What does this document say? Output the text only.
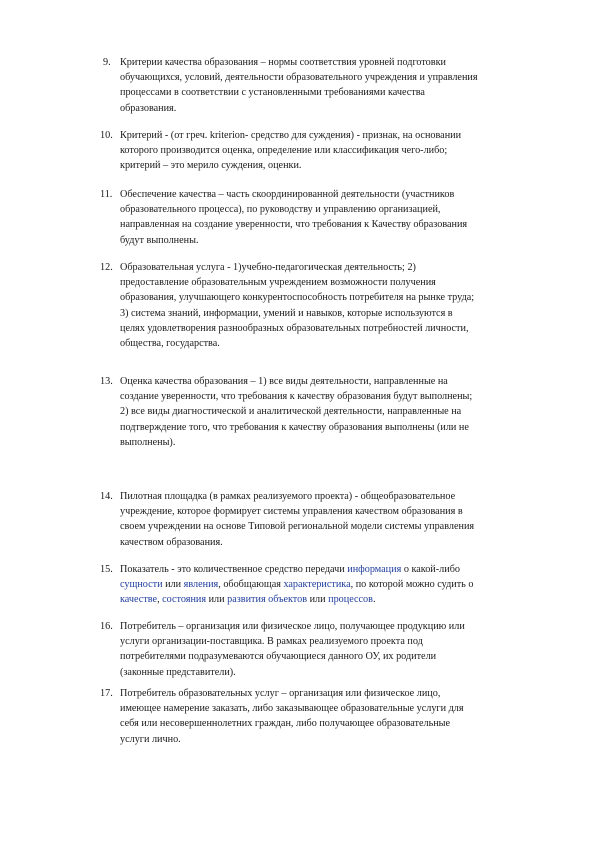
9. Критерии качества образования – нормы соответствия уровней подготовки
обучающихся, условий, деятельности образовательного учреждения и управления
процессами в соответствии с установленными требованиями качества
образования.
10. Критерий - (от греч. kriterion- средство для суждения) - признак, на основании
которого производится оценка, определение или классификация чего-либо;
критерий – это мерило суждения, оценки.
11. Обеспечение качества – часть скоординированной деятельности (участников
образовательного процесса), по руководству и управлению организацией,
направленная на создание уверенности, что требования к Качеству образования
будут выполнены.
12. Образовательная услуга - 1)учебно-педагогическая деятельность; 2)
предоставление образовательным учреждением возможности получения
образования, улучшающего конкурентоспособность потребителя на рынке труда;
3) система знаний, информации, умений и навыков, которые используются в
целях удовлетворения разнообразных образовательных потребностей личности,
общества, государства.
13. Оценка качества образования – 1) все виды деятельности, направленные на
создание уверенности, что требования к качеству образования будут выполнены;
2) все виды диагностической и аналитической деятельности, направленные на
подтверждение того, что требования к качеству образования выполнены (или не
выполнены).
14. Пилотная площадка (в рамках реализуемого проекта) - общеобразовательное
учреждение, которое формирует системы управления качеством образования в
своем учреждении на основе Типовой региональной модели системы управления
качеством образования.
15. Показатель - это количественное средство передачи информация о какой-либо
сущности или явления, обобщающая характеристика, по которой можно судить о
качестве, состояния или развития объектов или процессов.
16. Потребитель – организация или физическое лицо, получающее продукцию или
услуги организации-поставщика. В рамках реализуемого проекта под
потребителями подразумеваются обучающиеся данного ОУ, их родители
(законные представители).
17. Потребитель образовательных услуг – организация или физическое лицо,
имеющее намерение заказать, либо заказывающее образовательные услуги для
себя или несовершеннолетних граждан, либо получающее образовательные
услуги лично.
